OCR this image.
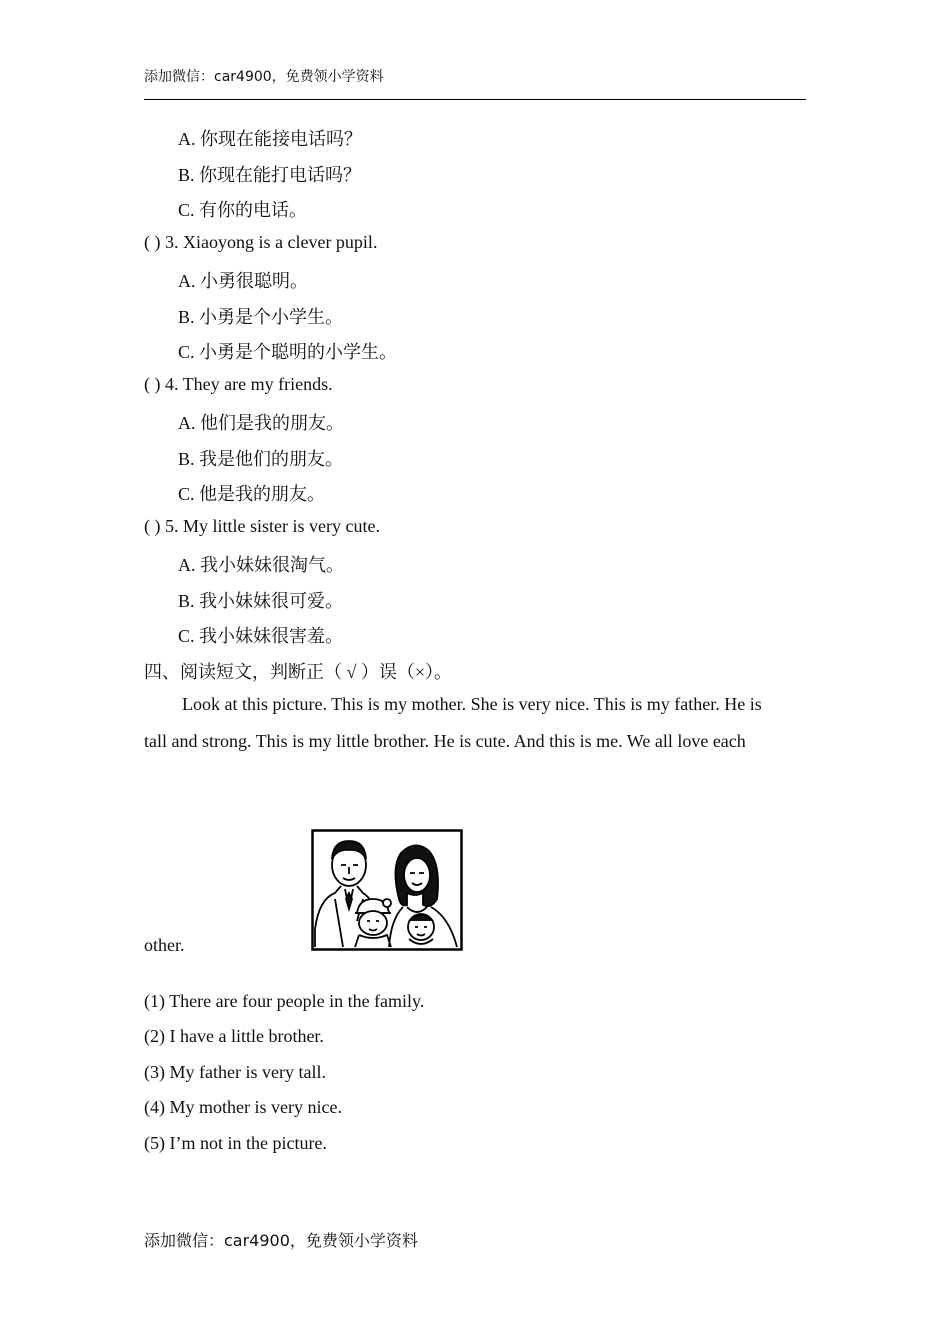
添加微信：car4900，免费领小学资料
A. 你现在能接电话吗？
B. 你现在能打电话吗？
C. 有你的电话。
( ) 3. Xiaoyong is a clever pupil.
A. 小勇很聪明。
B. 小勇是个小学生。
C. 小勇是个聪明的小学生。
( ) 4. They are my friends.
A. 他们是我的朋友。
B. 我是他们的朋友。
C. 他是我的朋友。
( ) 5. My little sister is very cute.
A. 我小妹妹很淘气。
B. 我小妹妹很可爱。
C. 我小妹妹很害羞。
四、阅读短文，判断正（ √ ）误（×）。
Look at this picture. This is my mother. She is very nice. This is my father. He is
tall and strong. This is my little brother. He is cute. And this is me. We all love each
other.
(1) There are four people in the family.
(2) I have a little brother.
(3) My father is very tall.
(4) My mother is very nice.
(5) I’m not in the picture.
添加微信：car4900，免费领小学资料
